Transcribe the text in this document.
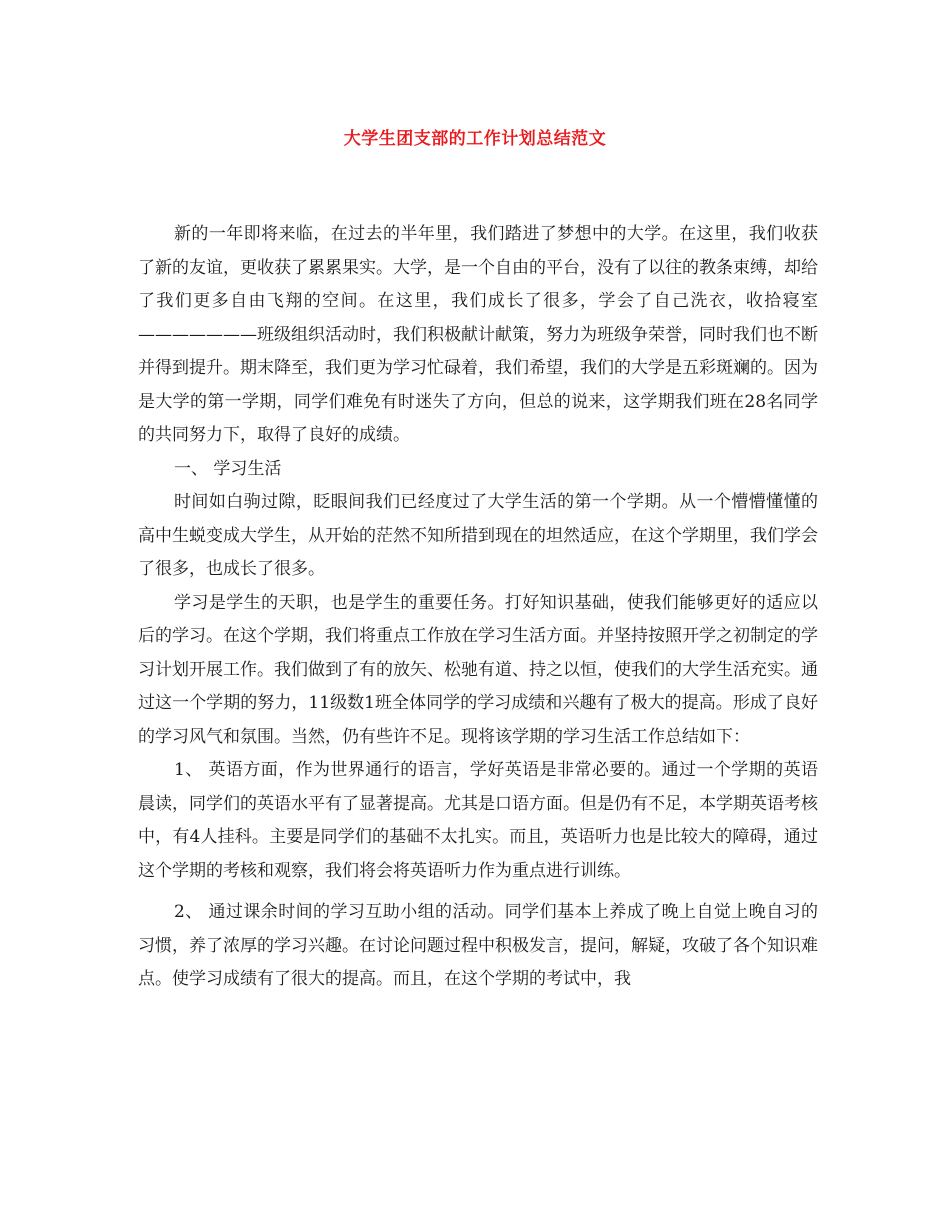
大学生团支部的工作计划总结范文

新的一年即将来临，在过去的半年里，我们踏进了梦想中的大学。在这里，我们收获了新的友谊，更收获了累累果实。大学，是一个自由的平台，没有了以往的教条束缚，却给了我们更多自由飞翔的空间。在这里，我们成长了很多，学会了自己洗衣，收拾寝室———————班级组织活动时，我们积极献计献策，努力为班级争荣誉，同时我们也不断并得到提升。期末降至，我们更为学习忙碌着，我们希望，我们的大学是五彩斑斓的。因为是大学的第一学期，同学们难免有时迷失了方向，但总的说来，这学期我们班在28名同学的共同努力下，取得了良好的成绩。

一、 学习生活

时间如白驹过隙，眨眼间我们已经度过了大学生活的第一个学期。从一个懵懵懂懂的高中生蜕变成大学生，从开始的茫然不知所措到现在的坦然适应，在这个学期里，我们学会了很多，也成长了很多。

学习是学生的天职，也是学生的重要任务。打好知识基础，使我们能够更好的适应以后的学习。在这个学期，我们将重点工作放在学习生活方面。并坚持按照开学之初制定的学习计划开展工作。我们做到了有的放矢、松驰有道、持之以恒，使我们的大学生活充实。通过这一个学期的努力，11级数1班全体同学的学习成绩和兴趣有了极大的提高。形成了良好的学习风气和氛围。当然，仍有些许不足。现将该学期的学习生活工作总结如下：

1、 英语方面，作为世界通行的语言，学好英语是非常必要的。通过一个学期的英语晨读，同学们的英语水平有了显著提高。尤其是口语方面。但是仍有不足，本学期英语考核中，有4人挂科。主要是同学们的基础不太扎实。而且，英语听力也是比较大的障碍，通过这个学期的考核和观察，我们将会将英语听力作为重点进行训练。

2、 通过课余时间的学习互助小组的活动。同学们基本上养成了晚上自觉上晚自习的习惯，养了浓厚的学习兴趣。在讨论问题过程中积极发言，提问，解疑，攻破了各个知识难点。使学习成绩有了很大的提高。而且，在这个学期的考试中，我
